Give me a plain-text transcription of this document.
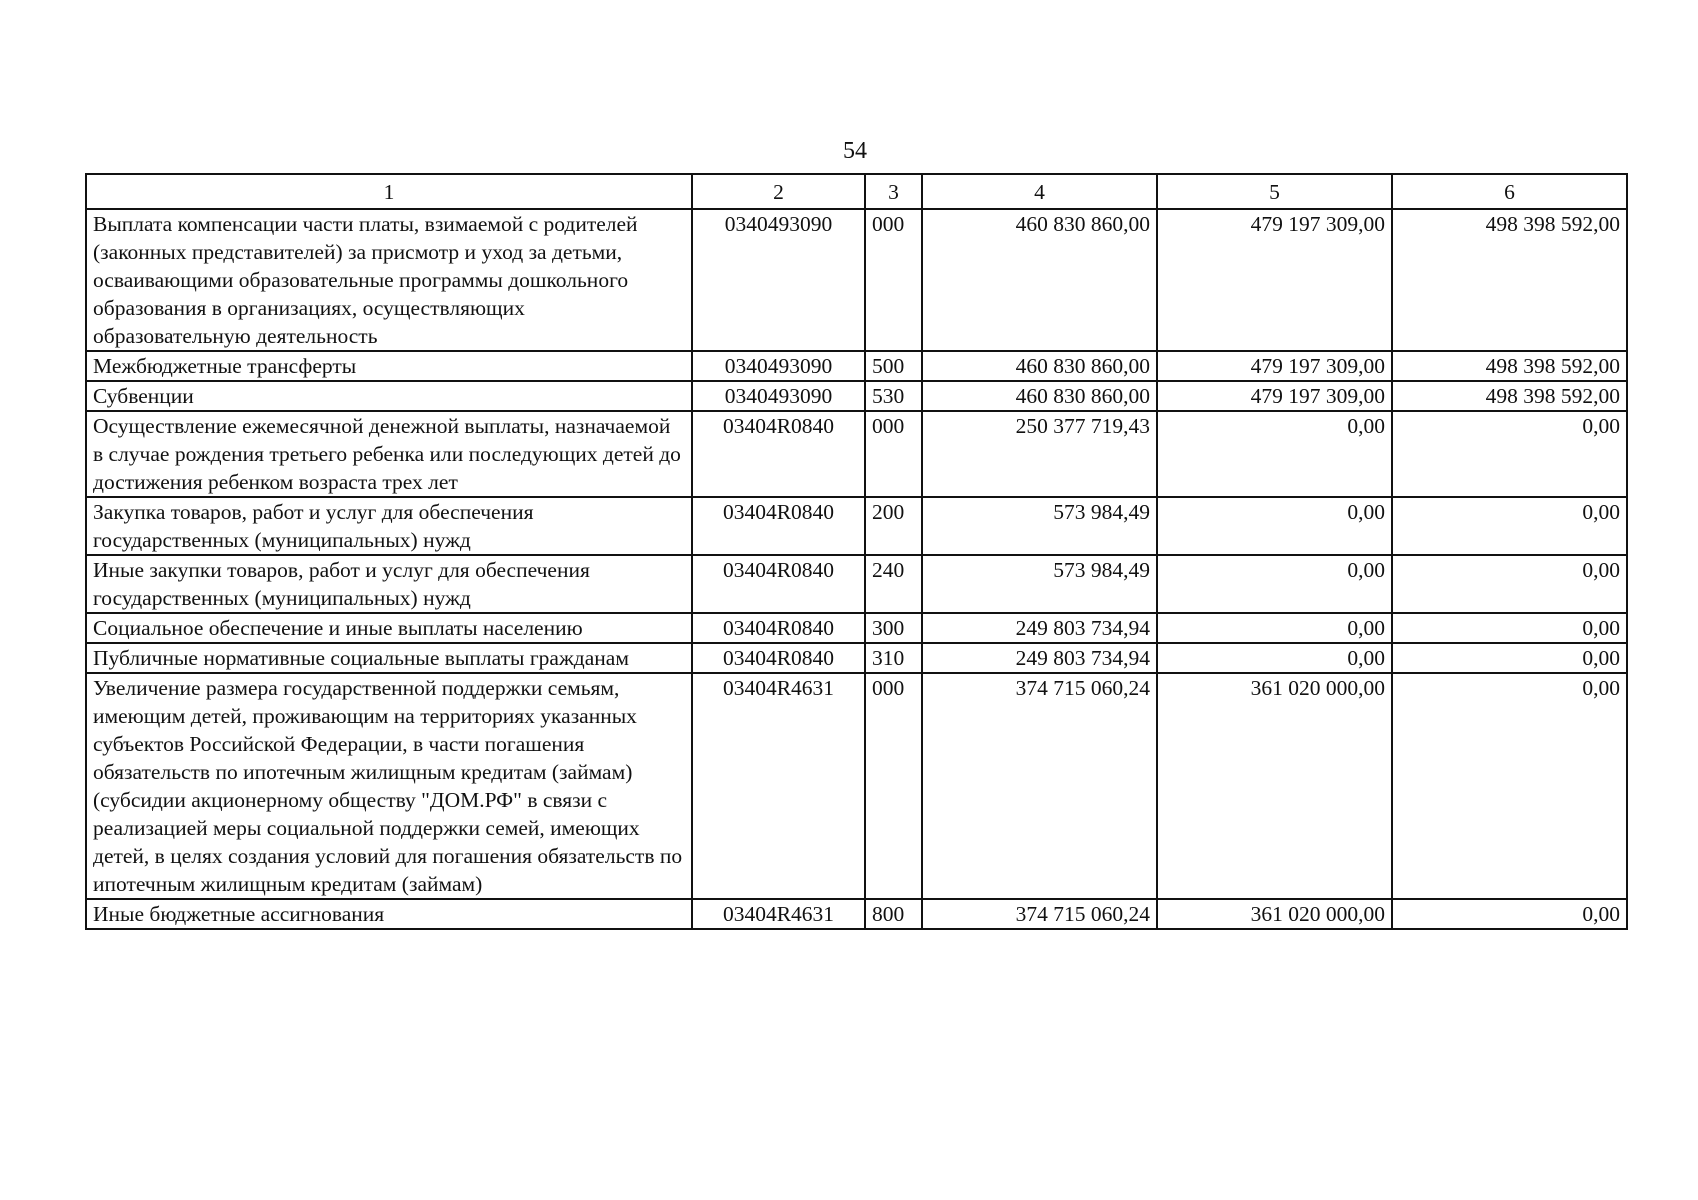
54
1	2	3	4	5	6
Выплата компенсации части платы, взимаемой с родителей (законных представителей) за присмотр и уход за детьми, осваивающими образовательные программы дошкольного образования в организациях, осуществляющих образовательную деятельность	0340493090	000	460 830 860,00	479 197 309,00	498 398 592,00
Межбюджетные трансферты	0340493090	500	460 830 860,00	479 197 309,00	498 398 592,00
Субвенции	0340493090	530	460 830 860,00	479 197 309,00	498 398 592,00
Осуществление ежемесячной денежной выплаты, назначаемой в случае рождения третьего ребенка или последующих детей до достижения ребенком возраста трех лет	03404R0840	000	250 377 719,43	0,00	0,00
Закупка товаров, работ и услуг для обеспечения государственных (муниципальных) нужд	03404R0840	200	573 984,49	0,00	0,00
Иные закупки товаров, работ и услуг для обеспечения государственных (муниципальных) нужд	03404R0840	240	573 984,49	0,00	0,00
Социальное обеспечение и иные выплаты населению	03404R0840	300	249 803 734,94	0,00	0,00
Публичные нормативные социальные выплаты гражданам	03404R0840	310	249 803 734,94	0,00	0,00
Увеличение размера государственной поддержки семьям, имеющим детей, проживающим на территориях указанных субъектов Российской Федерации, в части погашения обязательств по ипотечным жилищным кредитам (займам) (субсидии акционерному обществу "ДОМ.РФ" в связи с реализацией меры социальной поддержки семей, имеющих детей, в целях создания условий для погашения обязательств по ипотечным жилищным кредитам (займам)	03404R4631	000	374 715 060,24	361 020 000,00	0,00
Иные бюджетные ассигнования	03404R4631	800	374 715 060,24	361 020 000,00	0,00
